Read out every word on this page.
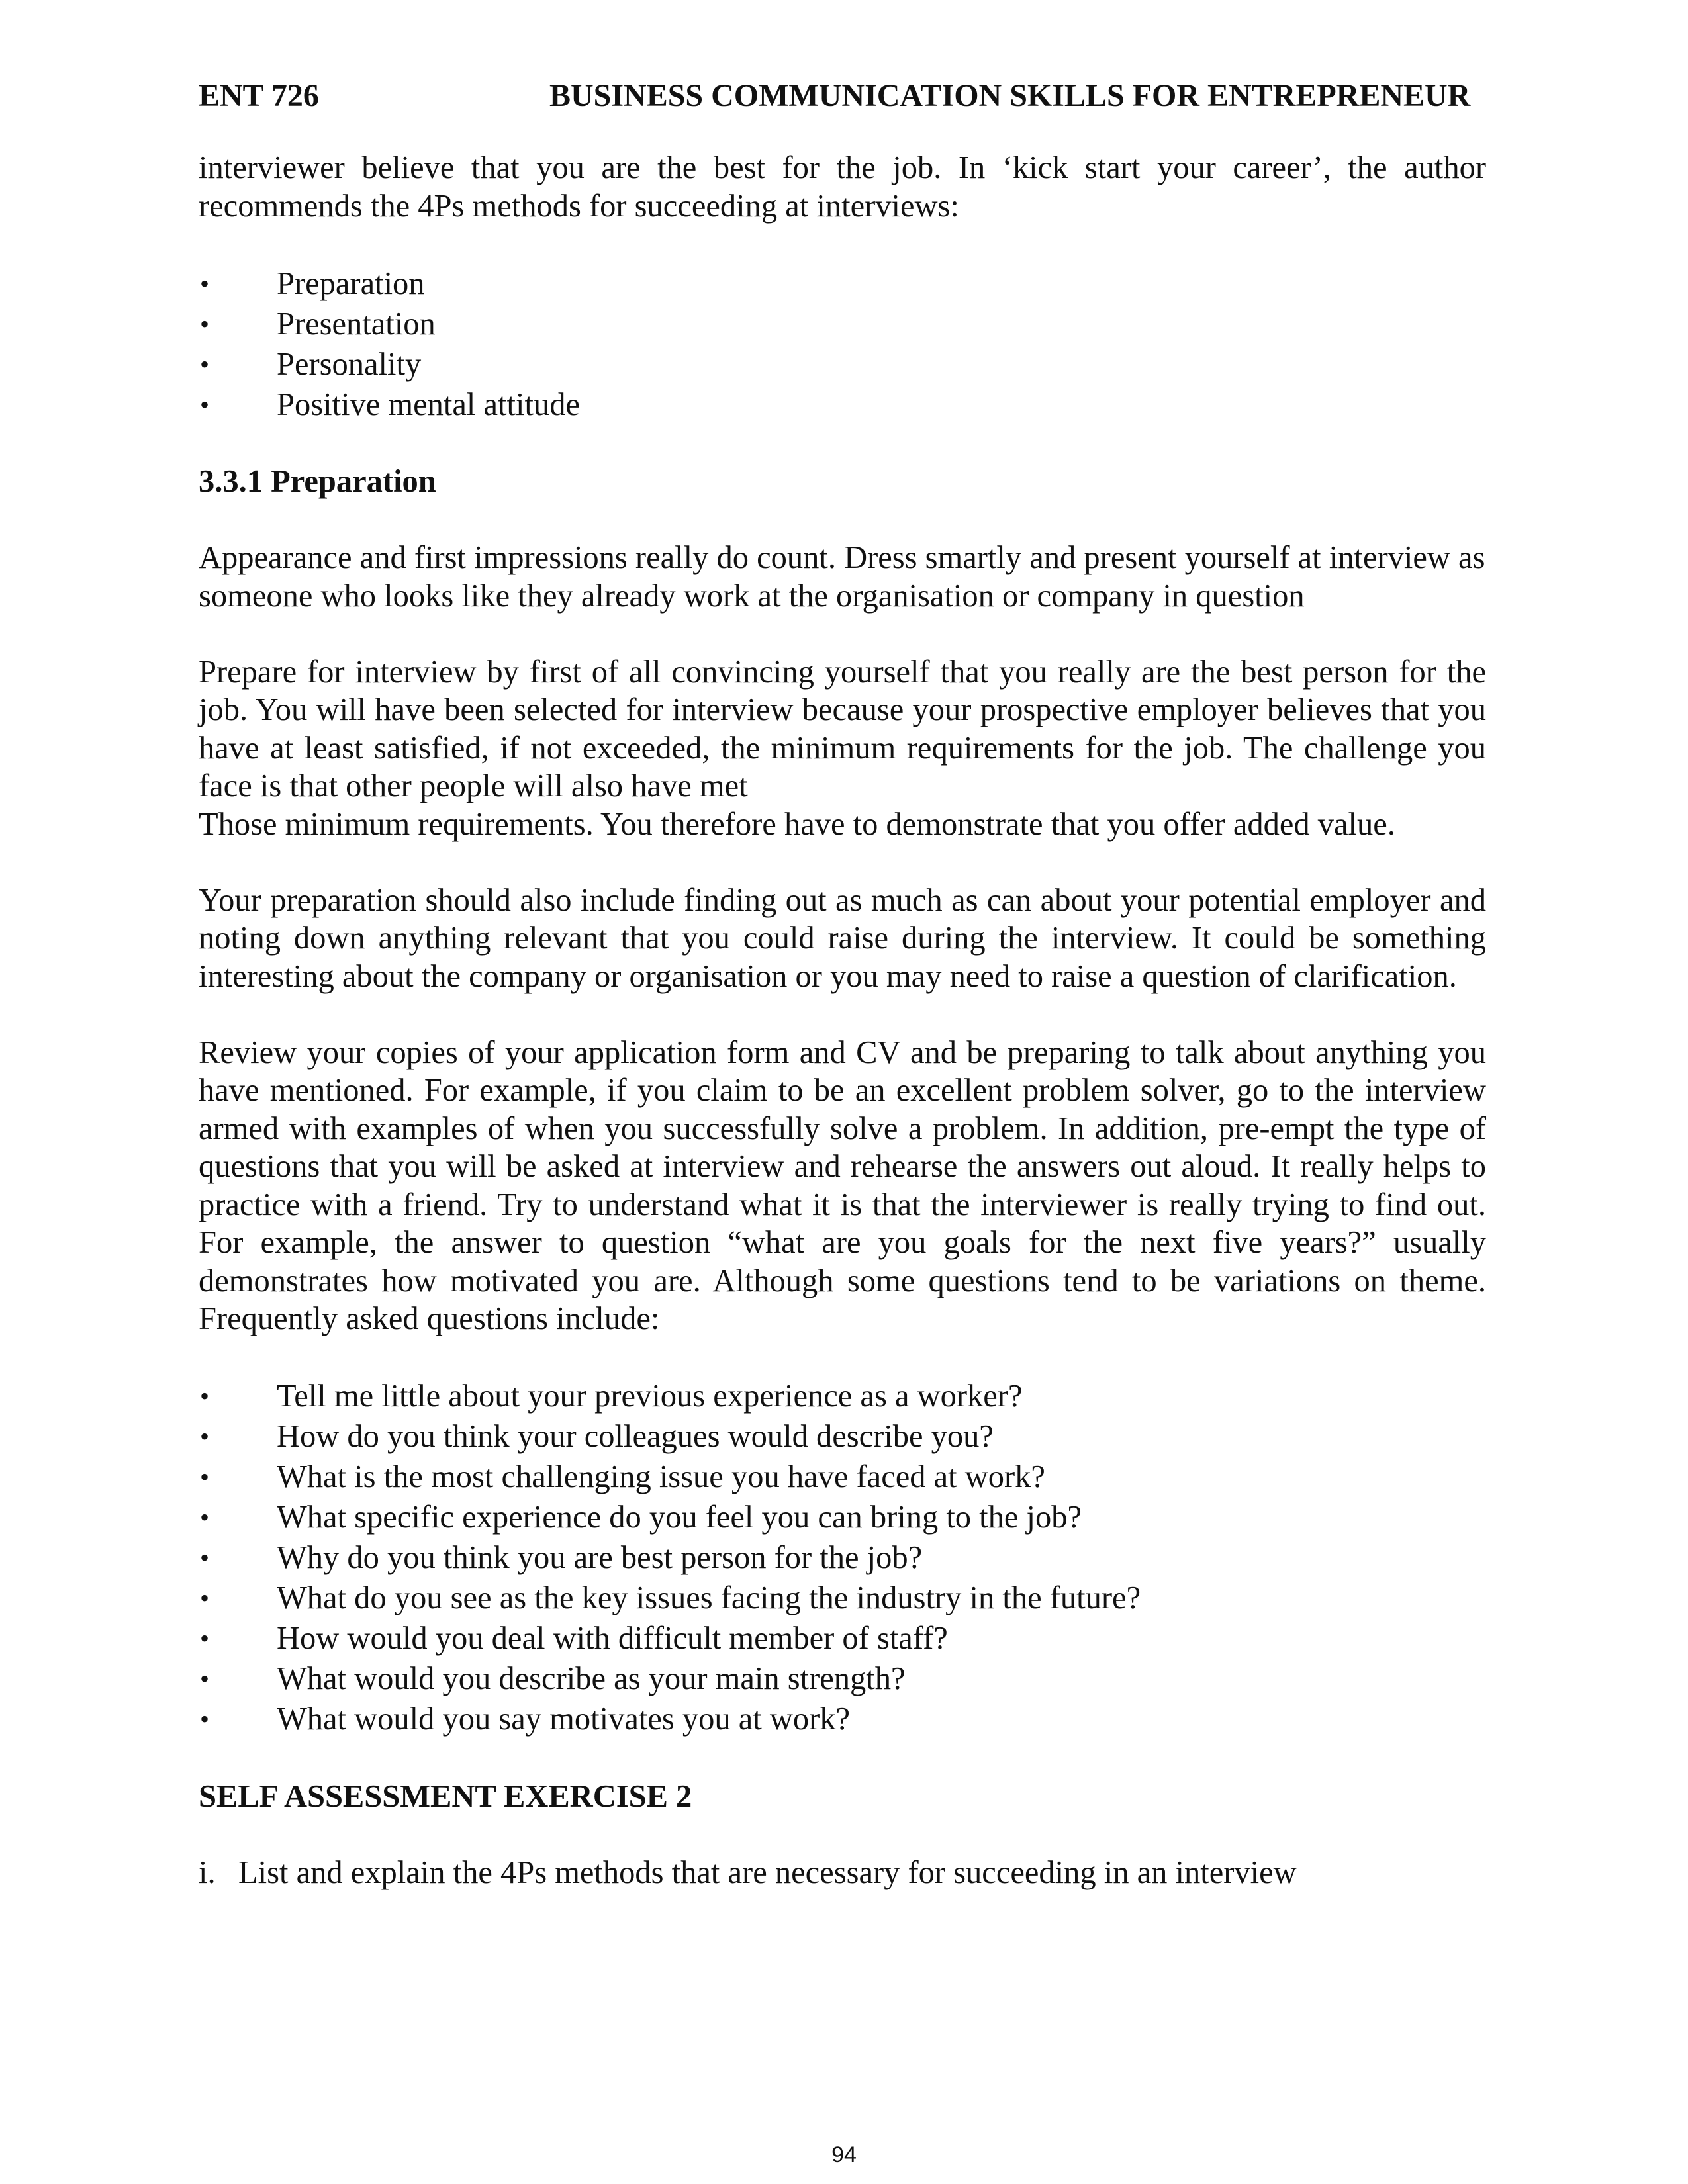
ENT 726	BUSINESS COMMUNICATION SKILLS FOR ENTREPRENEUR

interviewer believe that you are the best for the job. In ‘kick start your career’, the author recommends the 4Ps methods for succeeding at interviews:

• Preparation
• Presentation
• Personality
• Positive mental attitude
3.3.1 Preparation

Appearance and first impressions really do count. Dress smartly and present yourself at interview as someone who looks like they already work at the organisation or company in question

Prepare for interview by first of all convincing yourself that you really are the best person for the job. You will have been selected for interview because your prospective employer believes that you have at least satisfied, if not exceeded, the minimum requirements for the job. The challenge you face is that other people will also have met

Those minimum requirements. You therefore have to demonstrate that you offer added value.

Your preparation should also include finding out as much as can about your potential employer and noting down anything relevant that you could raise during the interview. It could be something interesting about the company or organisation or you may need to raise a question of clarification.

Review your copies of your application form and CV and be preparing to talk about anything you have mentioned. For example, if you claim to be an excellent problem solver, go to the interview armed with examples of when you successfully solve a problem. In addition, pre-empt the type of questions that you will be asked at interview and rehearse the answers out aloud. It really helps to practice with a friend. Try to understand what it is that the interviewer is really trying to find out. For example, the answer to question “what are you goals for the next five years?” usually demonstrates how motivated you are. Although some questions tend to be variations on theme. Frequently asked questions include:

• Tell me little about your previous experience as a worker?
• How do you think your colleagues would describe you?
• What is the most challenging issue you have faced at work?
• What specific experience do you feel you can bring to the job?
• Why do you think you are best person for the job?
• What do you see as the key issues facing the industry in the future?
• How would you deal with difficult member of staff?
• What would you describe as your main strength?
• What would you say motivates you at work?
SELF ASSESSMENT EXERCISE 2
i. List and explain the 4Ps methods that are necessary for succeeding in an interview
94
